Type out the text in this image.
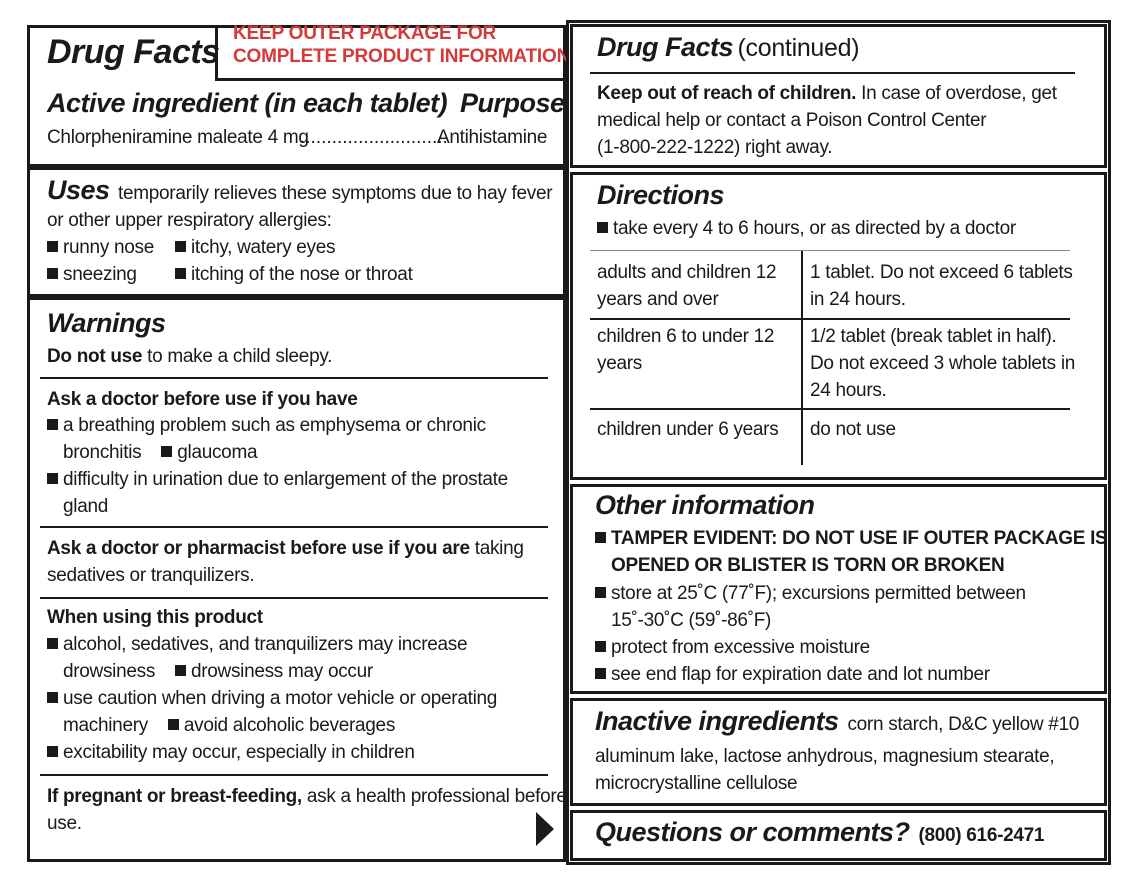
Drug Facts KEEP OUTER PACKAGE FOR
COMPLETE PRODUCT INFORMATION
Active ingredient (in each tablet) Purpose
Chlorpheniramine maleate 4 mg
............................
Antihistamine
Uses temporarily relieves these symptoms due to hay fever
or other upper respiratory allergies:
runny nose	itchy, watery eyes
sneezing	itching of the nose or throat
Warnings
Do not use to make a child sleepy.
Ask a doctor before use if you have
a breathing problem such as emphysema or chronic
bronchitis glaucoma
difficulty in urination due to enlargement of the prostate
gland
Ask a doctor or pharmacist before use if you are taking
sedatives or tranquilizers.
When using this product
alcohol, sedatives, and tranquilizers may increase
drowsiness drowsiness may occur
use caution when driving a motor vehicle or operating
machinery avoid alcoholic beverages
excitability may occur, especially in children
If pregnant or breast-feeding, ask a health professional before
use.
Drug Facts (continued)
Keep out of reach of children. In case of overdose, get
medical help or contact a Poison Control Center
(1-800-222-1222) right away.
Directions
take every 4 to 6 hours, or as directed by a doctor
adults and children 12
years and over
1 tablet. Do not exceed 6 tablets
in 24 hours.
children 6 to under 12
years
1/2 tablet (break tablet in half).
Do not exceed 3 whole tablets in
24 hours.
children under 6 years do not use
Other information
TAMPER EVIDENT: DO NOT USE IF OUTER PACKAGE IS
OPENED OR BLISTER IS TORN OR BROKEN
store at 25˚C (77˚F); excursions permitted between
15˚-30˚C (59˚-86˚F)
protect from excessive moisture
see end flap for expiration date and lot number
Inactive ingredients corn starch, D&C yellow #10
aluminum lake, lactose anhydrous, magnesium stearate,
microcrystalline cellulose
Questions or comments? (800) 616-2471
